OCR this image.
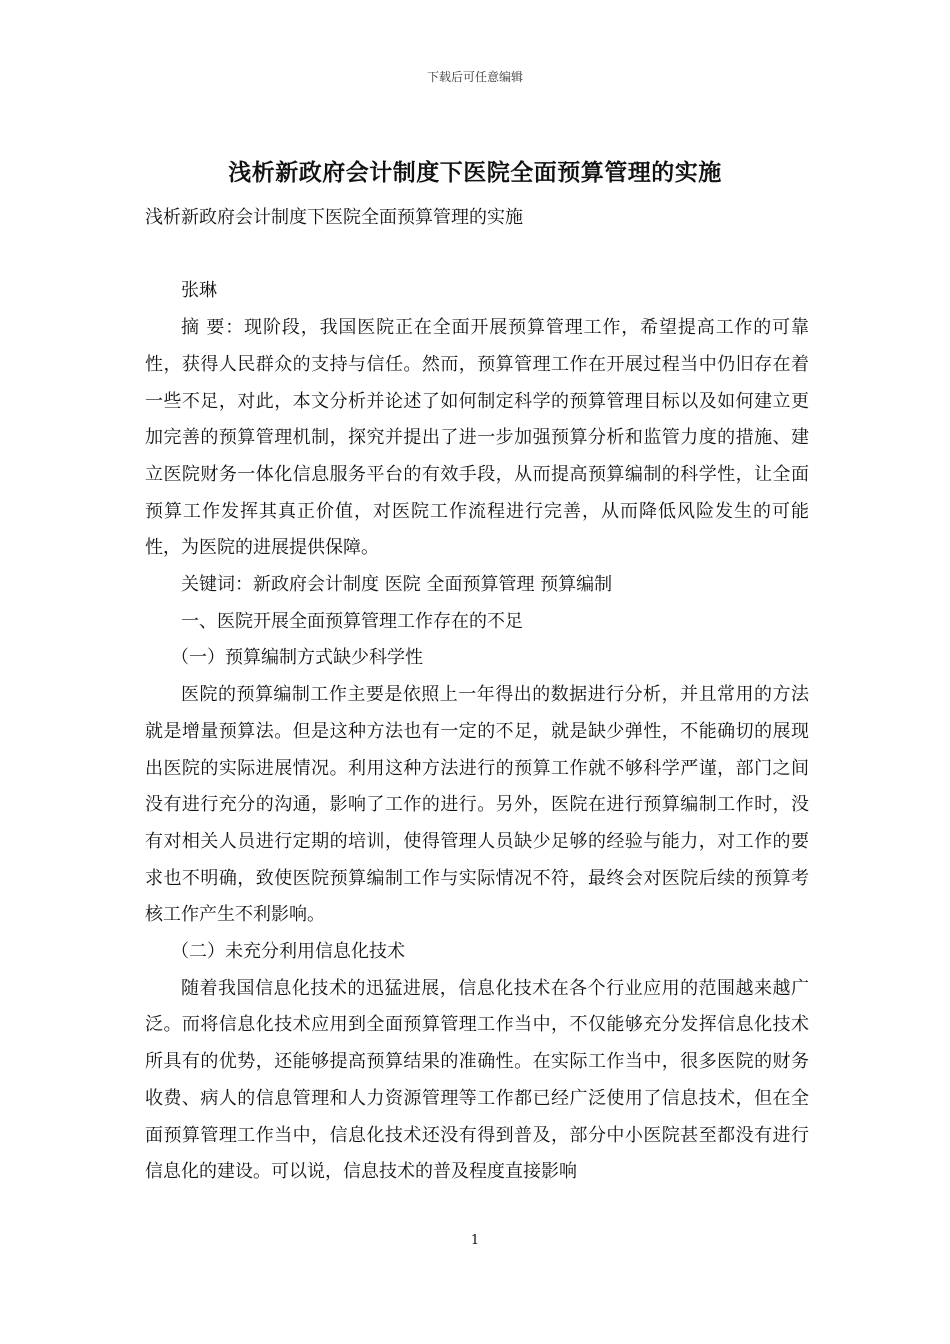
下载后可任意编辑
浅析新政府会计制度下医院全面预算管理的实施

浅析新政府会计制度下医院全面预算管理的实施

张琳

摘 要：现阶段，我国医院正在全面开展预算管理工作，希望提高工作的可靠性，获得人民群众的支持与信任。然而，预算管理工作在开展过程当中仍旧存在着一些不足，对此，本文分析并论述了如何制定科学的预算管理目标以及如何建立更加完善的预算管理机制，探究并提出了进一步加强预算分析和监管力度的措施、建立医院财务一体化信息服务平台的有效手段，从而提高预算编制的科学性，让全面预算工作发挥其真正价值，对医院工作流程进行完善，从而降低风险发生的可能性，为医院的进展提供保障。

关键词：新政府会计制度 医院 全面预算管理 预算编制

一、医院开展全面预算管理工作存在的不足

（一）预算编制方式缺少科学性

医院的预算编制工作主要是依照上一年得出的数据进行分析，并且常用的方法就是增量预算法。但是这种方法也有一定的不足，就是缺少弹性，不能确切的展现出医院的实际进展情况。利用这种方法进行的预算工作就不够科学严谨，部门之间没有进行充分的沟通，影响了工作的进行。另外，医院在进行预算编制工作时，没有对相关人员进行定期的培训，使得管理人员缺少足够的经验与能力，对工作的要求也不明确，致使医院预算编制工作与实际情况不符，最终会对医院后续的预算考核工作产生不利影响。

（二）未充分利用信息化技术

随着我国信息化技术的迅猛进展，信息化技术在各个行业应用的范围越来越广泛。而将信息化技术应用到全面预算管理工作当中，不仅能够充分发挥信息化技术所具有的优势，还能够提高预算结果的准确性。在实际工作当中，很多医院的财务收费、病人的信息管理和人力资源管理等工作都已经广泛使用了信息技术，但在全面预算管理工作当中，信息化技术还没有得到普及，部分中小医院甚至都没有进行信息化的建设。可以说，信息技术的普及程度直接影响

1
